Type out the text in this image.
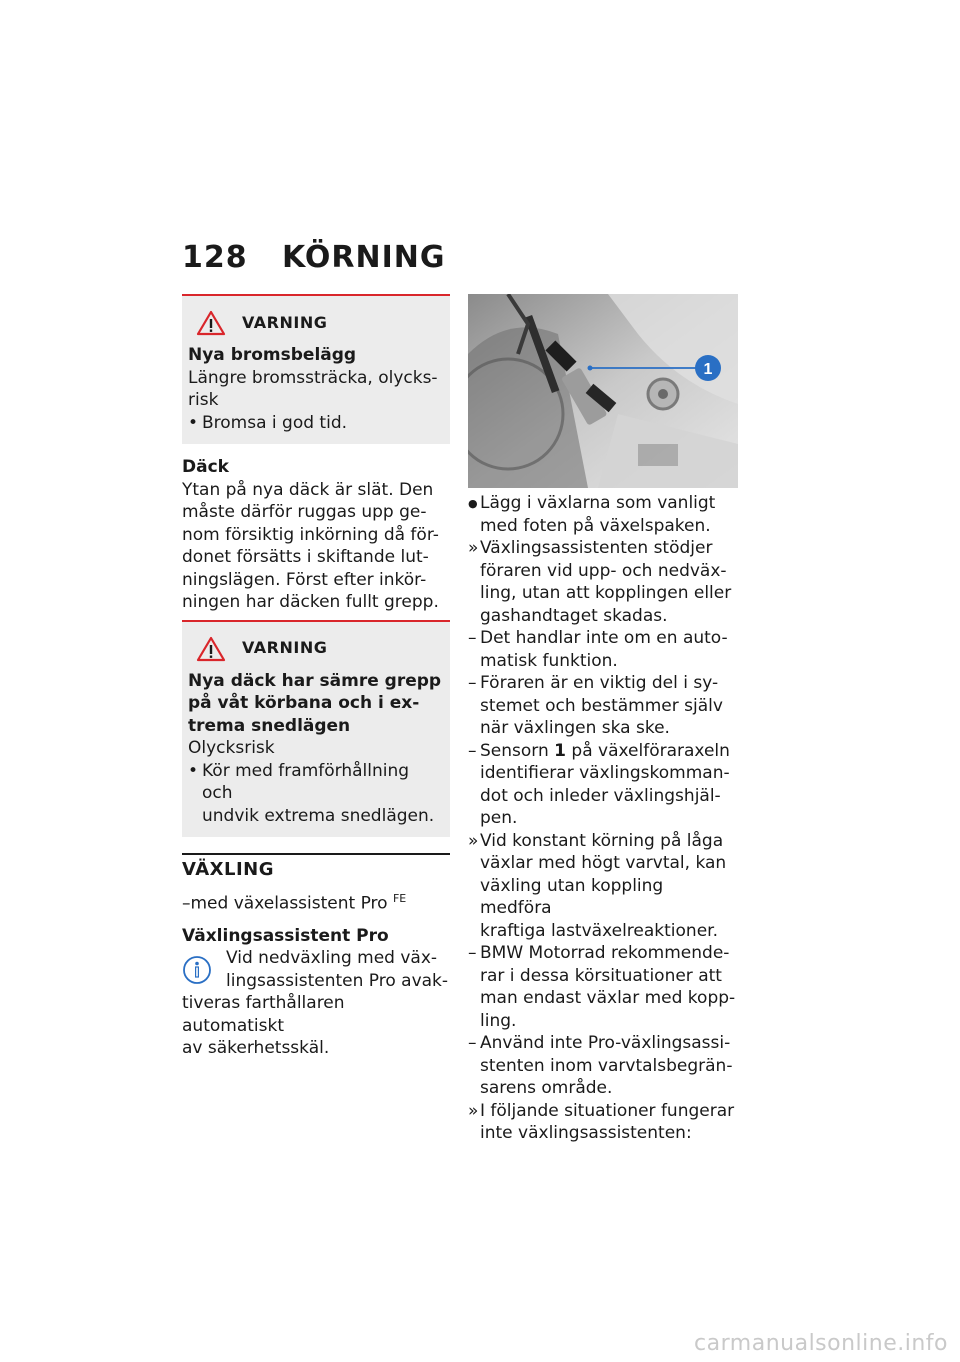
128	KÖRNING
VARNING

Nya bromsbelägg

Längre bromssträcka, olycks-

risk

• Bromsa i god tid.

Däck

Ytan på nya däck är slät. Den

måste därför ruggas upp ge-

nom försiktig inkörning då för-

donet försätts i skiftande lut-

ningslägen. Först efter inkör-

ningen har däcken fullt grepp.

VARNING

Nya däck har sämre grepp

på våt körbana och i ex-

trema snedlägen

Olycksrisk

• Kör med framförhållning och
undvik extrema snedlägen.
VÄXLING

–med växelassistent Pro $^{FE}$

Växlingsassistent Pro

Vid nedväxling med väx-

lingsassistenten Pro avak-

tiveras farthållaren automatiskt

av säkerhetsskäl.

1
● Lägg i växlarna som vanligt
med foten på växelspaken.
» Växlingsassistenten stödjer
föraren vid upp- och nedväx-
ling, utan att kopplingen eller
gashandtaget skadas.
– Det handlar inte om en auto-
matisk funktion.
– Föraren är en viktig del i sy-
stemet och bestämmer själv
när växlingen ska ske.
– Sensorn 1 på växelföraraxeln
identifierar växlingskomman-
dot och inleder växlingshjäl-
pen.
» Vid konstant körning på låga
växlar med högt varvtal, kan
växling utan koppling medföra
kraftiga lastväxelreaktioner.
– BMW Motorrad rekommende-
rar i dessa körsituationer att
man endast växlar med kopp-
ling.
– Använd inte Pro-växlingsassi-
stenten inom varvtalsbegrän-
sarens område.
» I följande situationer fungerar
inte växlingsassistenten:
carmanualsonline.info
